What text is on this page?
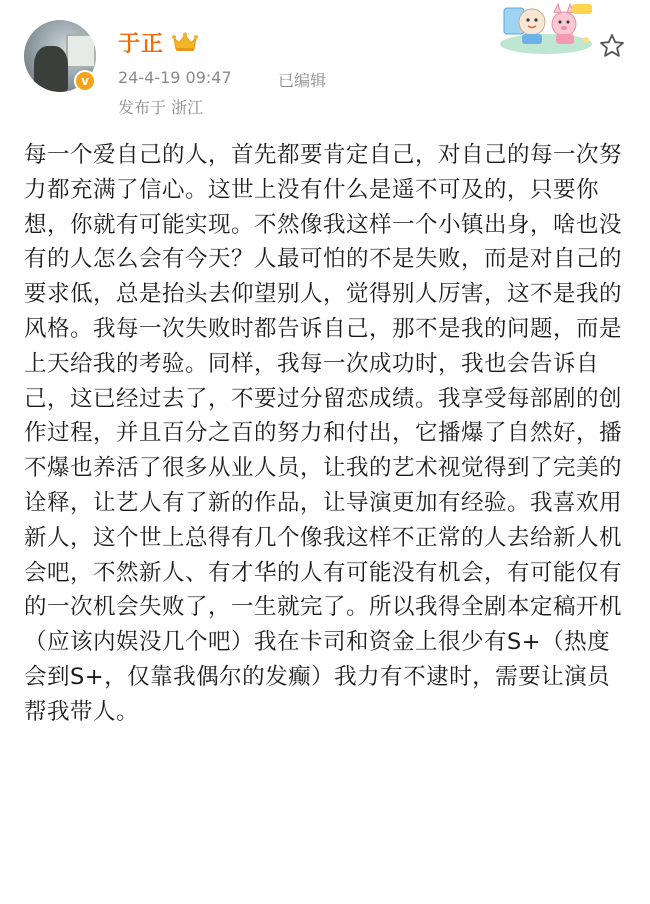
v
于正
24-4-19 09:47	已编辑
发布于 浙江

每一个爱自己的人，首先都要肯定自己，对自己的每一次努力都充满了信心。这世上没有什么是遥不可及的，只要你想，你就有可能实现。不然像我这样一个小镇出身，啥也没有的人怎么会有今天？人最可怕的不是失败，而是对自己的要求低，总是抬头去仰望别人，觉得别人厉害，这不是我的风格。我每一次失败时都告诉自己，那不是我的问题，而是上天给我的考验。同样，我每一次成功时，我也会告诉自己，这已经过去了，不要过分留恋成绩。我享受每部剧的创作过程，并且百分之百的努力和付出，它播爆了自然好，播不爆也养活了很多从业人员，让我的艺术视觉得到了完美的诠释，让艺人有了新的作品，让导演更加有经验。我喜欢用新人，这个世上总得有几个像我这样不正常的人去给新人机会吧，不然新人、有才华的人有可能没有机会，有可能仅有的一次机会失败了，一生就完了。所以我得全剧本定稿开机（应该内娱没几个吧）我在卡司和资金上很少有S+（热度会到S+，仅靠我偶尔的发癫）我力有不逮时，需要让演员帮我带人。
